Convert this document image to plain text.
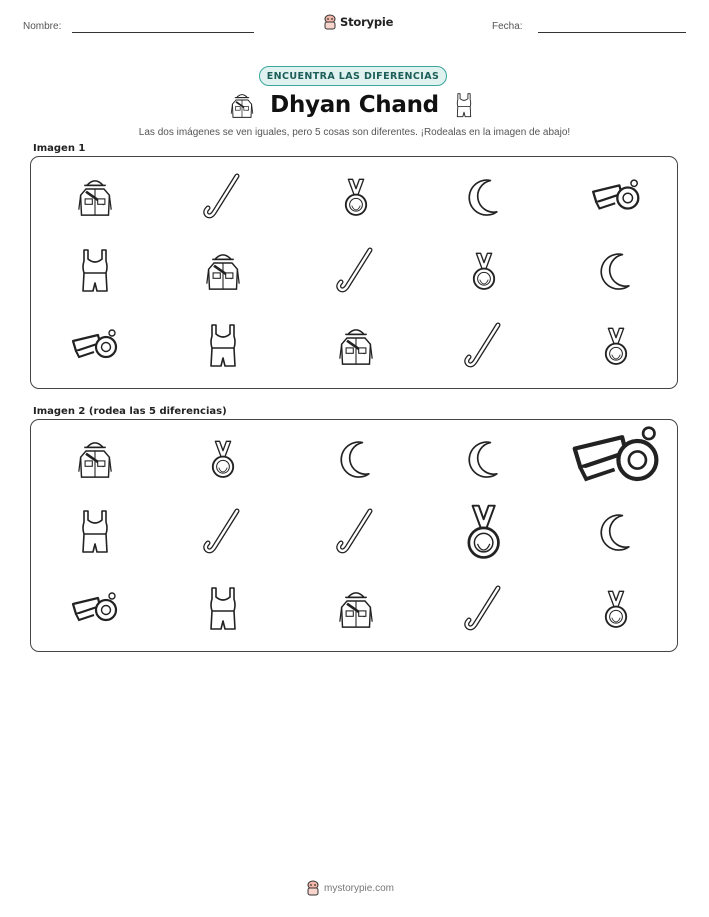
Nombre:	Storypie	Fecha:
ENCUENTRA LAS DIFERENCIAS
Dhyan Chand
Las dos imágenes se ven iguales, pero 5 cosas son diferentes. ¡Rodealas en la imagen de abajo!
Imagen 1
Imagen 2 (rodea las 5 diferencias)
mystorypie.com
